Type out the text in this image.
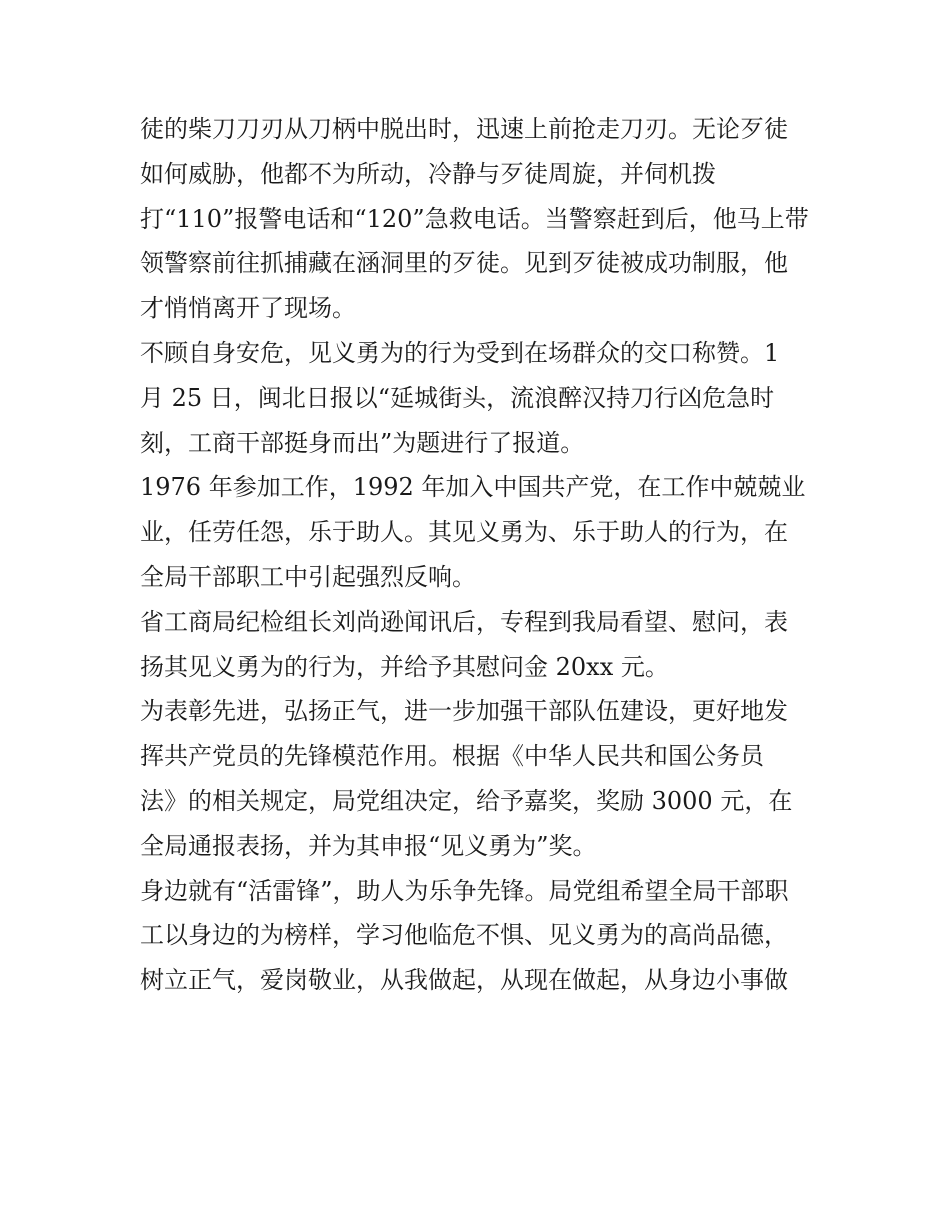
徒的柴刀刀刃从刀柄中脱出时，迅速上前抢走刀刃。无论歹徒
如何威胁，他都不为所动，冷静与歹徒周旋，并伺机拨
打“110”报警电话和“120”急救电话。当警察赶到后，他马上带
领警察前往抓捕藏在涵洞里的歹徒。见到歹徒被成功制服，他
才悄悄离开了现场。

不顾自身安危，见义勇为的行为受到在场群众的交口称赞。1
月 25 日，闽北日报以“延城街头，流浪醉汉持刀行凶危急时
刻，工商干部挺身而出”为题进行了报道。

1976 年参加工作，1992 年加入中国共产党，在工作中兢兢业
业，任劳任怨，乐于助人。其见义勇为、乐于助人的行为，在
全局干部职工中引起强烈反响。

省工商局纪检组长刘尚逊闻讯后，专程到我局看望、慰问，表
扬其见义勇为的行为，并给予其慰问金 20xx 元。

为表彰先进，弘扬正气，进一步加强干部队伍建设，更好地发
挥共产党员的先锋模范作用。根据《中华人民共和国公务员
法》的相关规定，局党组决定，给予嘉奖，奖励 3000 元，在
全局通报表扬，并为其申报“见义勇为”奖。

身边就有“活雷锋”，助人为乐争先锋。局党组希望全局干部职
工以身边的为榜样，学习他临危不惧、见义勇为的高尚品德，
树立正气，爱岗敬业，从我做起，从现在做起，从身边小事做
